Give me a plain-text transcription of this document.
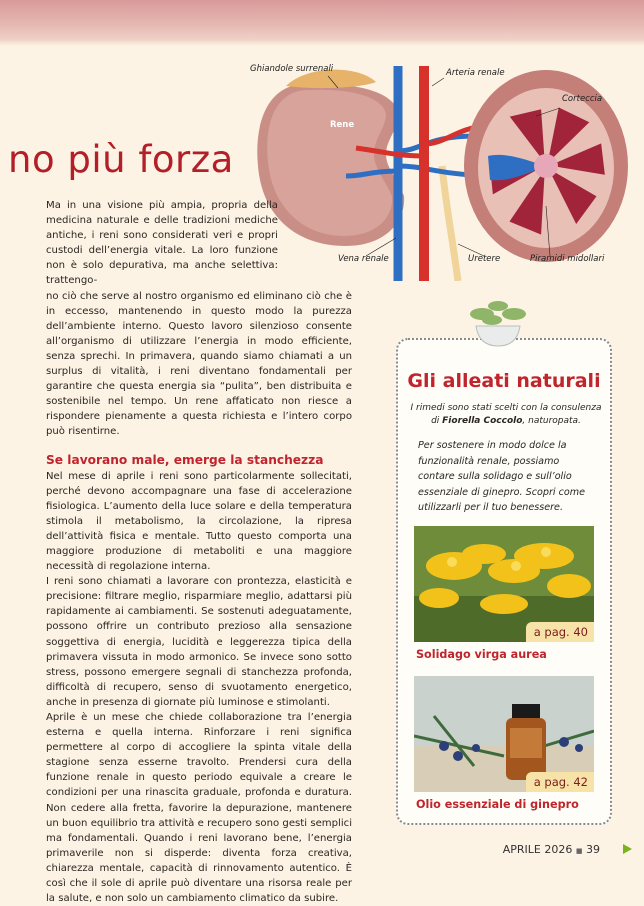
no più forza
Ghiandole surrenali	Arteria renale
Corteccia
Rene
Vena renale	Uretere	Piramidi midollari

Ma in una visione più ampia, propria della medicina naturale e delle tradizioni mediche antiche, i reni sono considerati veri e propri custodi dell’energia vitale. La loro funzione non è solo depurativa, ma anche selettiva: trattengo-

no ciò che serve al nostro organismo ed eliminano ciò che è in eccesso, mantenendo in questo modo la purezza dell’ambiente interno. Questo lavoro silenzioso consente all’organismo di utilizzare l’energia in modo efficiente, senza sprechi. In primavera, quando siamo chiamati a un surplus di vitalità, i reni diventano fondamentali per garantire che questa energia sia “pulita”, ben distribuita e sostenibile nel tempo. Un rene affaticato non riesce a rispondere pienamente a questa richiesta e l’intero corpo può risentirne.

Se lavorano male, emerge la stanchezza

Nel mese di aprile i reni sono particolarmente sollecitati, perché devono accompagnare una fase di accelerazione fisiologica. L’aumento della luce solare e della temperatura stimola il metabolismo, la circolazione, la ripresa dell’attività fisica e mentale. Tutto questo comporta una maggiore produzione di metaboliti e una maggiore necessità di regolazione interna.

I reni sono chiamati a lavorare con prontezza, elasticità e precisione: filtrare meglio, risparmiare meglio, adattarsi più rapidamente ai cambiamenti. Se sostenuti adeguatamente, possono offrire un contributo prezioso alla sensazione soggettiva di energia, lucidità e leggerezza tipica della primavera vissuta in modo armonico. Se invece sono sotto stress, possono emergere segnali di stanchezza profonda, difficoltà di recupero, senso di svuotamento energetico, anche in presenza di giornate più luminose e stimolanti.

Aprile è un mese che chiede collaborazione tra l’energia esterna e quella interna. Rinforzare i reni significa permettere al corpo di accogliere la spinta vitale della stagione senza esserne travolto. Prendersi cura della funzione renale in questo periodo equivale a creare le condizioni per una rinascita graduale, profonda e duratura. Non cedere alla fretta, favorire la depurazione, mantenere un buon equilibrio tra attività e recupero sono gesti semplici ma fondamentali. Quando i reni lavorano bene, l’energia primaverile non si disperde: diventa forza creativa, chiarezza mentale, capacità di rinnovamento autentico. È così che il sole di aprile può diventare una risorsa reale per la salute, e non solo un cambiamento climatico da subire.

Gli alleati naturali

I rimedi sono stati scelti con la consulenza di Fiorella Coccolo, naturopata.

Per sostenere in modo dolce la funzionalità renale, possiamo contare sulla solidago e sull’olio essenziale di ginepro. Scopri come utilizzarli per il tuo benessere.

a pag. 40

Solidago virga aurea

a pag. 42

Olio essenziale di ginepro

APRILE 2026 ■ 39
